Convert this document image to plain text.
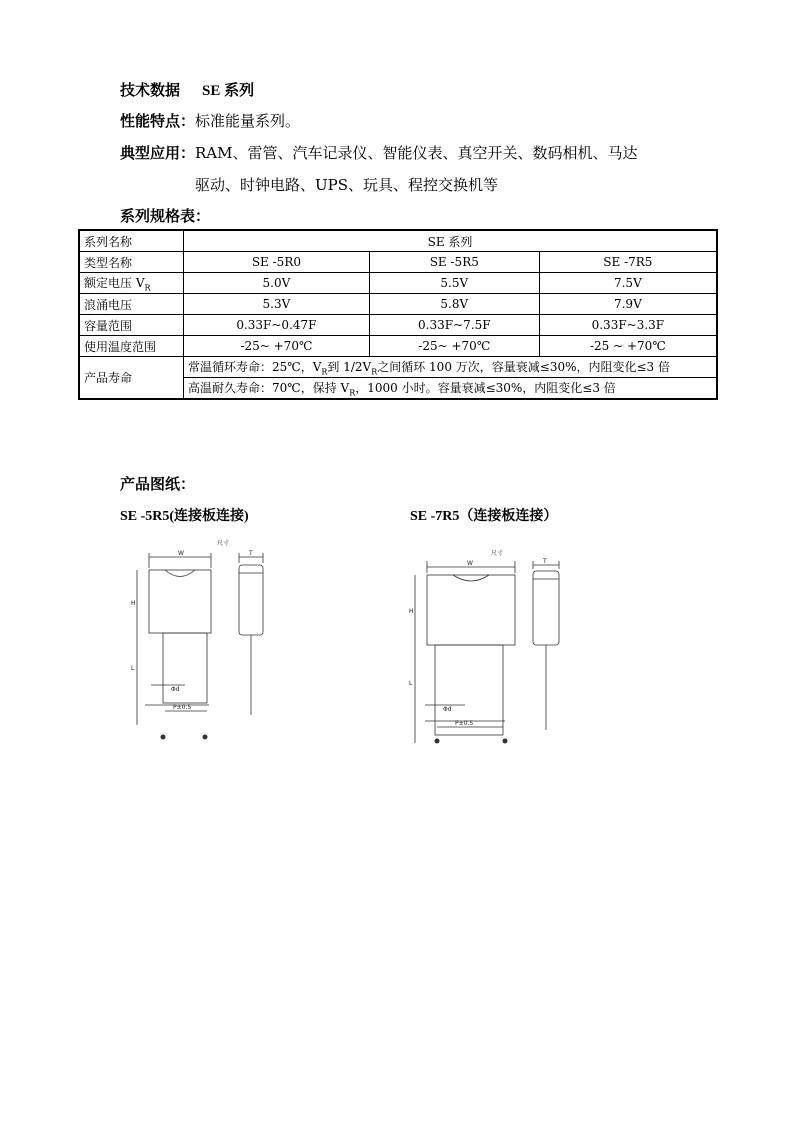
技术数据 SE 系列
性能特点：标准能量系列。
典型应用：RAM、雷管、汽车记录仪、智能仪表、真空开关、数码相机、马达
驱动、时钟电路、UPS、玩具、程控交换机等
系列规格表：
系列名称	SE 系列		
类型名称	SE -5R0	SE -5R5	SE -7R5
额定电压 $V_R$	5.0V	5.5V	7.5V
浪涌电压	5.3V	5.8V	7.9V
容量范围	0.33F~0.47F	0.33F~7.5F	0.33F~3.3F
使用温度范围	-25~ +70℃	-25~ +70℃	-25 ~ +70℃
产品寿命	常温循环寿命：25℃，$V_R$到 $1/2V_R$之间循环 100 万次，容量衰减≤30%，内阻变化≤3 倍		
	高温耐久寿命：70℃，保持 $V_R$，1000 小时。容量衰减≤30%，内阻变化≤3 倍		
产品图纸：
SE -5R5(连接板连接)	SE -7R5（连接板连接）
尺寸
W	T
H
L
Φd
P±0.5
尺寸
W	T
H
L
Φd
P±0.5
